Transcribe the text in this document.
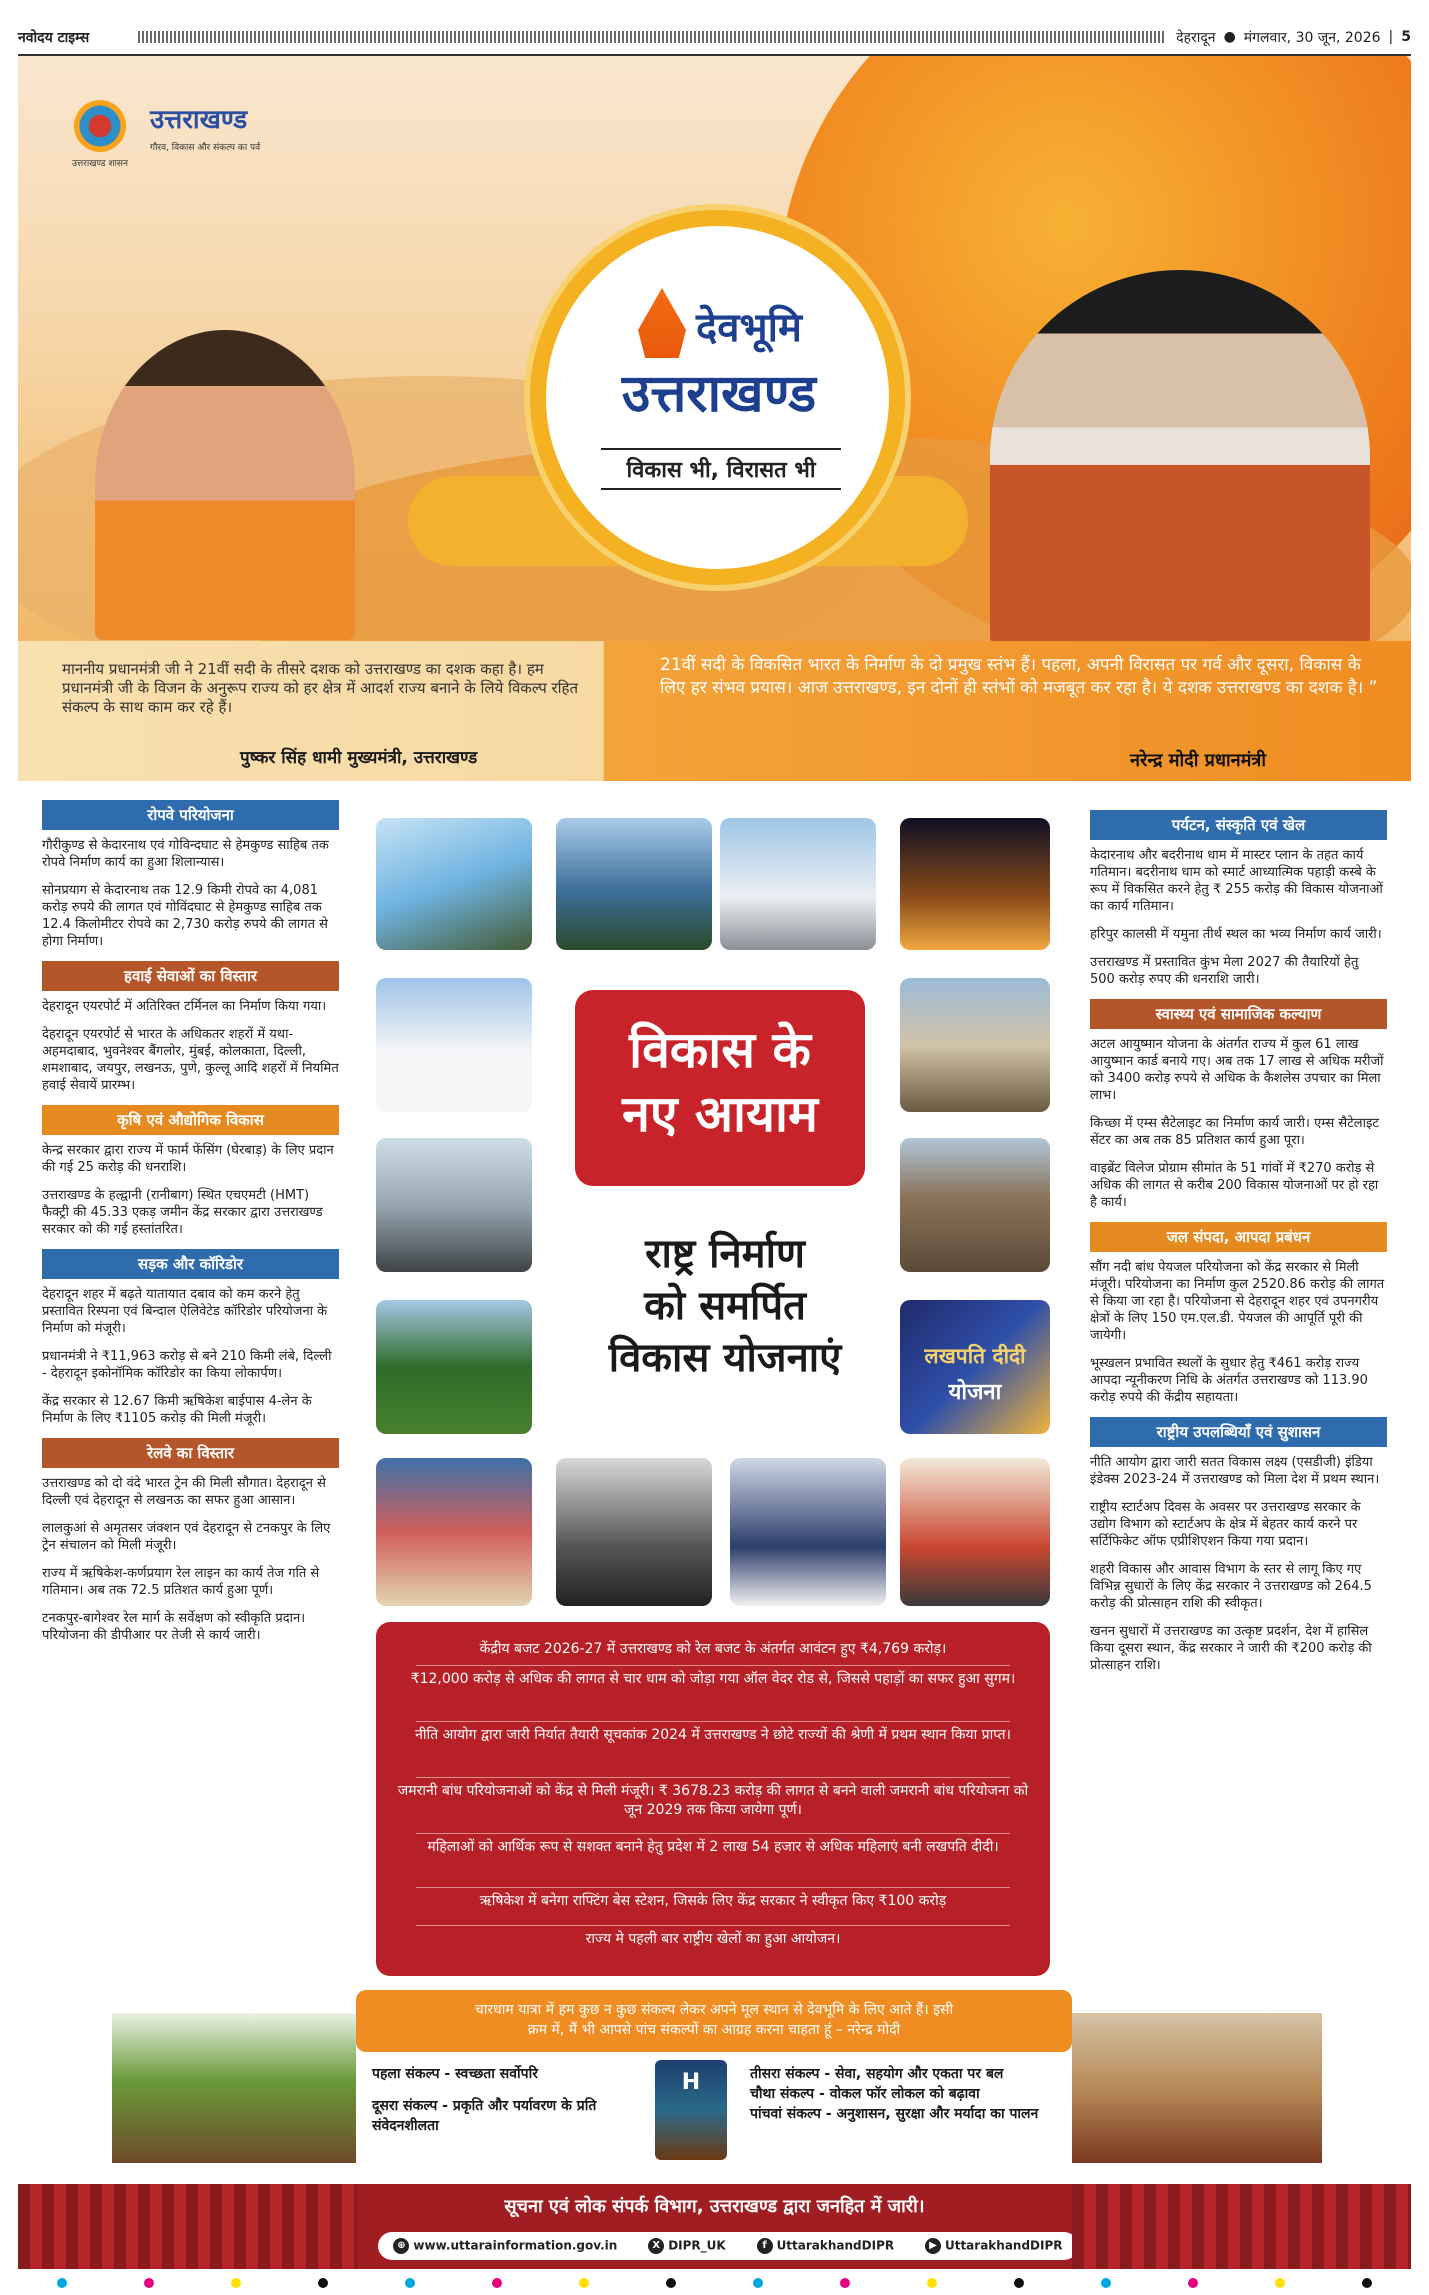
नवोदय टाइम्स	देहरादून ● मंगलवार, 30 जून, 2026 | 5
उत्तराखण्ड शासन
उत्तराखण्ड
गौरव, विकास और संकल्प का पर्व
देवभूमि
उत्तराखण्ड
विकास भी, विरासत भी
माननीय प्रधानमंत्री जी ने 21वीं सदी के तीसरे दशक को उत्तराखण्ड का दशक कहा है। हम प्रधानमंत्री जी के विजन के अनुरूप राज्य को हर क्षेत्र में आदर्श राज्य बनाने के लिये विकल्प रहित संकल्प के साथ काम कर रहे हैं।
पुष्कर सिंह धामी मुख्यमंत्री, उत्तराखण्ड
21वीं सदी के विकसित भारत के निर्माण के दो प्रमुख स्तंभ हैं। पहला, अपनी विरासत पर गर्व और दूसरा, विकास के लिए हर संभव प्रयास। आज उत्तराखण्ड, इन दोनों ही स्तंभों को मजबूत कर रहा है। ये दशक उत्तराखण्ड का दशक है। ”
नरेन्द्र मोदी प्रधानमंत्री
रोपवे परियोजना
गौरीकुण्ड से केदारनाथ एवं गोविन्दघाट से हेमकुण्ड साहिब तक रोपवे निर्माण कार्य का हुआ शिलान्यास।
सोनप्रयाग से केदारनाथ तक 12.9 किमी रोपवे का 4,081 करोड़ रुपये की लागत एवं गोविंदघाट से हेमकुण्ड साहिब तक 12.4 किलोमीटर रोपवे का 2,730 करोड़ रुपये की लागत से होगा निर्माण।
हवाई सेवाओं का विस्तार
देहरादून एयरपोर्ट में अतिरिक्त टर्मिनल का निर्माण किया गया।
देहरादून एयरपोर्ट से भारत के अधिकतर शहरों में यथा-अहमदाबाद, भुवनेश्वर बैंगलोर, मुंबई, कोलकाता, दिल्ली, शमशाबाद, जयपुर, लखनऊ, पुणे, कुल्लू आदि शहरों में नियमित हवाई सेवायें प्रारम्भ।
कृषि एवं औद्योगिक विकास
केन्द्र सरकार द्वारा राज्य में फार्म फेंसिंग (घेरबाड़) के लिए प्रदान की गई 25 करोड़ की धनराशि।
उत्तराखण्ड के हल्द्वानी (रानीबाग) स्थित एचएमटी (HMT) फैक्ट्री की 45.33 एकड़ जमीन केंद्र सरकार द्वारा उत्तराखण्ड सरकार को की गई हस्तांतरित।
सड़क और कॉरिडोर
देहरादून शहर में बढ़ते यातायात दबाव को कम करने हेतु प्रस्तावित रिस्पना एवं बिन्दाल ऐलिवेटेड कॉरिडोर परियोजना के निर्माण को मंजूरी।
प्रधानमंत्री ने ₹11,963 करोड़ से बने 210 किमी लंबे, दिल्ली - देहरादून इकोनॉमिक कॉरिडोर का किया लोकार्पण।
केंद्र सरकार से 12.67 किमी ऋषिकेश बाईपास 4-लेन के निर्माण के लिए ₹1105 करोड़ की मिली मंजूरी।
रेलवे का विस्तार
उत्तराखण्ड को दो वंदे भारत ट्रेन की मिली सौगात। देहरादून से दिल्ली एवं देहरादून से लखनऊ का सफर हुआ आसान।
लालकुआं से अमृतसर जंक्शन एवं देहरादून से टनकपुर के लिए ट्रेन संचालन को मिली मंजूरी।
राज्य में ऋषिकेश-कर्णप्रयाग रेल लाइन का कार्य तेज गति से गतिमान। अब तक 72.5 प्रतिशत कार्य हुआ पूर्ण।
टनकपुर-बागेश्वर रेल मार्ग के सर्वेक्षण को स्वीकृति प्रदान। परियोजना की डीपीआर पर तेजी से कार्य जारी।
पर्यटन, संस्कृति एवं खेल
केदारनाथ और बदरीनाथ धाम में मास्टर प्लान के तहत कार्य गतिमान। बदरीनाथ धाम को स्मार्ट आध्यात्मिक पहाड़ी कस्बे के रूप में विकसित करने हेतु ₹ 255 करोड़ की विकास योजनाओं का कार्य गतिमान।
हरिपुर कालसी में यमुना तीर्थ स्थल का भव्य निर्माण कार्य जारी।
उत्तराखण्ड में प्रस्तावित कुंभ मेला 2027 की तैयारियों हेतु 500 करोड़ रुपए की धनराशि जारी।
स्वास्थ्य एवं सामाजिक कल्याण
अटल आयुष्मान योजना के अंतर्गत राज्य में कुल 61 लाख आयुष्मान कार्ड बनाये गए। अब तक 17 लाख से अधिक मरीजों को 3400 करोड़ रुपये से अधिक के कैशलेस उपचार का मिला लाभ।
किच्छा में एम्स सैटेलाइट का निर्माण कार्य जारी। एम्स सैटेलाइट सेंटर का अब तक 85 प्रतिशत कार्य हुआ पूरा।
वाइब्रेंट विलेज प्रोग्राम सीमांत के 51 गांवों में ₹270 करोड़ से अधिक की लागत से करीब 200 विकास योजनाओं पर हो रहा है कार्य।
जल संपदा, आपदा प्रबंधन
सौंग नदी बांध पेयजल परियोजना को केंद्र सरकार से मिली मंजूरी। परियोजना का निर्माण कुल 2520.86 करोड़ की लागत से किया जा रहा है। परियोजना से देहरादून शहर एवं उपनगरीय क्षेत्रों के लिए 150 एम.एल.डी. पेयजल की आपूर्ति पूरी की जायेगी।
भूस्खलन प्रभावित स्थलों के सुधार हेतु ₹461 करोड़ राज्य आपदा न्यूनीकरण निधि के अंतर्गत उत्तराखण्ड को 113.90 करोड़ रुपये की केंद्रीय सहायता।
राष्ट्रीय उपलब्धियाँ एवं सुशासन
नीति आयोग द्वारा जारी सतत विकास लक्ष्य (एसडीजी) इंडिया इंडेक्स 2023-24 में उत्तराखण्ड को मिला देश में प्रथम स्थान।
राष्ट्रीय स्टार्टअप दिवस के अवसर पर उत्तराखण्ड सरकार के उद्योग विभाग को स्टार्टअप के क्षेत्र में बेहतर कार्य करने पर सर्टिफिकेट ऑफ एप्रीशिएशन किया गया प्रदान।
शहरी विकास और आवास विभाग के स्तर से लागू किए गए विभिन्न सुधारों के लिए केंद्र सरकार ने उत्तराखण्ड को 264.5 करोड़ की प्रोत्साहन राशि की स्वीकृत।
खनन सुधारों में उत्तराखण्ड का उत्कृष्ट प्रदर्शन, देश में हासिल किया दूसरा स्थान, केंद्र सरकार ने जारी की ₹200 करोड़ की प्रोत्साहन राशि।
लखपति दीदी
योजना
विकास के
नए आयाम
राष्ट्र निर्माण
को समर्पित
विकास योजनाएं
केंद्रीय बजट 2026-27 में उत्तराखण्ड को रेल बजट के अंतर्गत आवंटन हुए ₹4,769 करोड़।
₹12,000 करोड़ से अधिक की लागत से चार धाम को जोड़ा गया ऑल वेदर रोड से, जिससे पहाड़ों का सफर हुआ सुगम।
नीति आयोग द्वारा जारी निर्यात तैयारी सूचकांक 2024 में उत्तराखण्ड ने छोटे राज्यों की श्रेणी में प्रथम स्थान किया प्राप्त।
जमरानी बांध परियोजनाओं को केंद्र से मिली मंजूरी। ₹ 3678.23 करोड़ की लागत से बनने वाली जमरानी बांध परियोजना को जून 2029 तक किया जायेगा पूर्ण।
महिलाओं को आर्थिक रूप से सशक्त बनाने हेतु प्रदेश में 2 लाख 54 हजार से अधिक महिलाएं बनी लखपति दीदी।
ऋषिकेश में बनेगा राफ्टिंग बेस स्टेशन, जिसके लिए केंद्र सरकार ने स्वीकृत किए ₹100 करोड़
राज्य मे पहली बार राष्ट्रीय खेलों का हुआ आयोजन।
चारधाम यात्रा में हम कुछ न कुछ संकल्प लेकर अपने मूल स्थान से देवभूमि के लिए आते हैं। इसी
क्रम में, मैं भी आपसे पांच संकल्पों का आग्रह करना चाहता हूं – नरेन्द्र मोदी
पहला संकल्प - स्वच्छता सर्वोपरि
दूसरा संकल्प - प्रकृति और पर्यावरण के प्रति संवेदनशीलता
H	तीसरा संकल्प - सेवा, सहयोग और एकता पर बल
चौथा संकल्प - वोकल फॉर लोकल को बढ़ावा
पांचवां संकल्प - अनुशासन, सुरक्षा और मर्यादा का पालन
सूचना एवं लोक संपर्क विभाग, उत्तराखण्ड द्वारा जनहित में जारी।
⊕ www.uttarainformation.gov.in	X DIPR_UK	f UttarakhandDIPR	▶ UttarakhandDIPR
